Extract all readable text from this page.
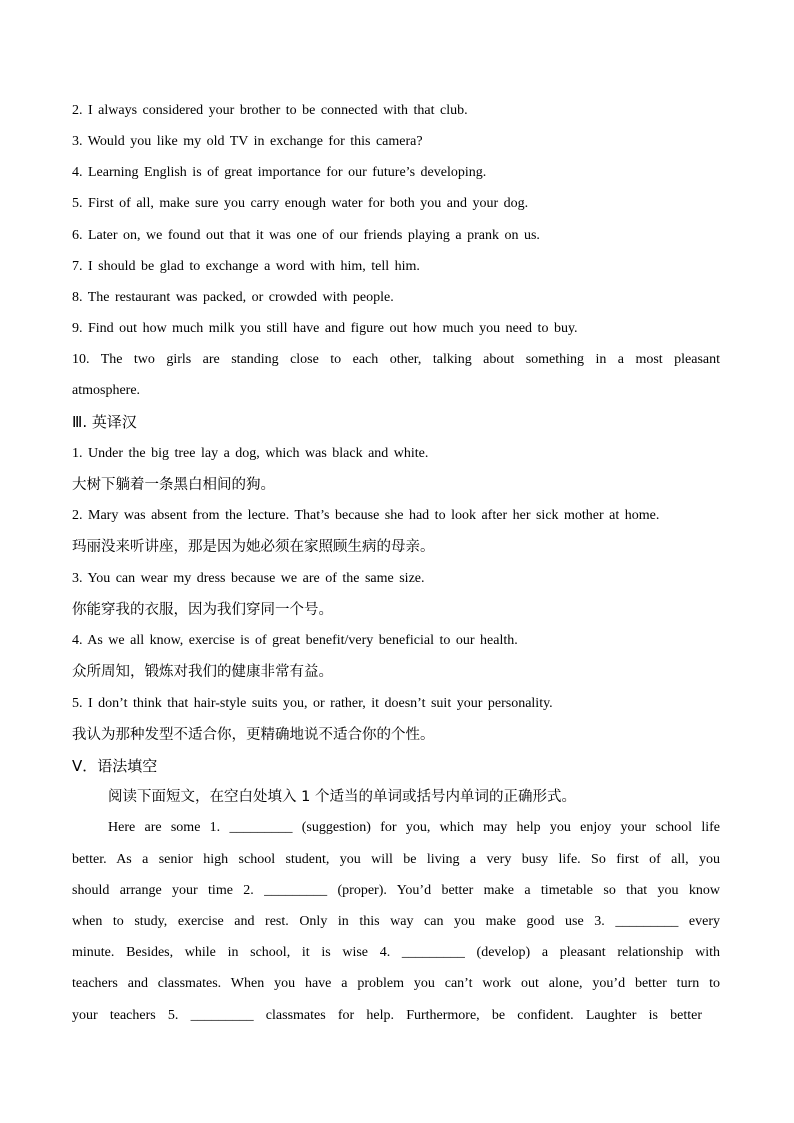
2. I always considered your brother to be connected with that club.
3. Would you like my old TV in exchange for this camera?
4. Learning English is of great importance for our future’s developing.
5. First of all, make sure you carry enough water for both you and your dog.
6. Later on, we found out that it was one of our friends playing a prank on us.
7. I should be glad to exchange a word with him, tell him.
8. The restaurant was packed, or crowded with people.
9. Find out how much milk you still have and figure out how much you need to buy.
10. The two girls are standing close to each other, talking about something in a most pleasant
atmosphere.
Ⅲ. 英译汉
1. Under the big tree lay a dog, which was black and white.
大树下躺着一条黑白相间的狗。
2. Mary was absent from the lecture. That’s because she had to look after her sick mother at home.
玛丽没来听讲座，那是因为她必须在家照顾生病的母亲。
3. You can wear my dress because we are of the same size.
你能穿我的衣服，因为我们穿同一个号。
4. As we all know, exercise is of great benefit/very beneficial to our health.
众所周知，锻炼对我们的健康非常有益。
5. I don’t think that hair-style suits you, or rather, it doesn’t suit your personality.
我认为那种发型不适合你，更精确地说不适合你的个性。
Ⅴ．语法填空
阅读下面短文，在空白处填入 1 个适当的单词或括号内单词的正确形式。
Here are some 1. _________ (suggestion) for you, which may help you enjoy your school life
better. As a senior high school student, you will be living a very busy life. So first of all, you
should arrange your time 2. _________ (proper). You’d better make a timetable so that you know
when to study, exercise and rest. Only in this way can you make good use 3. _________ every
minute. Besides, while in school, it is wise 4. _________ (develop) a pleasant relationship with
teachers and classmates. When you have a problem you can’t work out alone, you’d better turn to
your teachers 5. _________ classmates for help. Furthermore, be confident. Laughter is better
